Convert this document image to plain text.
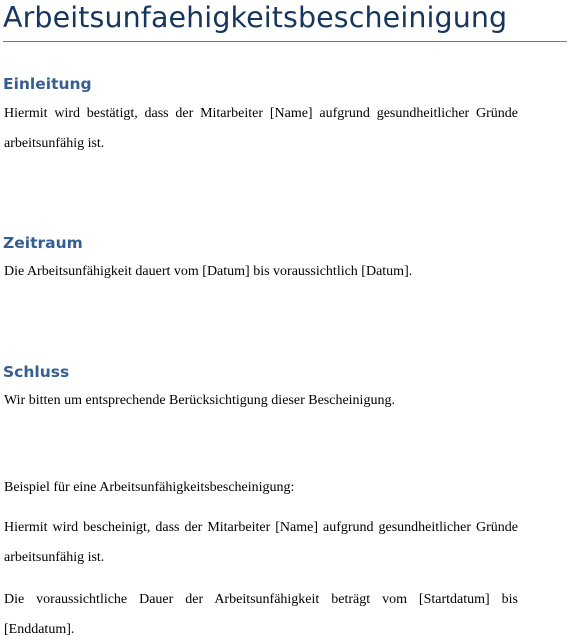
Arbeitsunfaehigkeitsbescheinigung
Einleitung

Hiermit wird bestätigt, dass der Mitarbeiter [Name] aufgrund gesundheitlicher Gründe arbeitsunfähig ist.

Zeitraum

Die Arbeitsunfähigkeit dauert vom [Datum] bis voraussichtlich [Datum].

Schluss

Wir bitten um entsprechende Berücksichtigung dieser Bescheinigung.

Beispiel für eine Arbeitsunfähigkeitsbescheinigung:

Hiermit wird bescheinigt, dass der Mitarbeiter [Name] aufgrund gesundheitlicher Gründe arbeitsunfähig ist.

Die voraussichtliche Dauer der Arbeitsunfähigkeit beträgt vom [Startdatum] bis [Enddatum].
